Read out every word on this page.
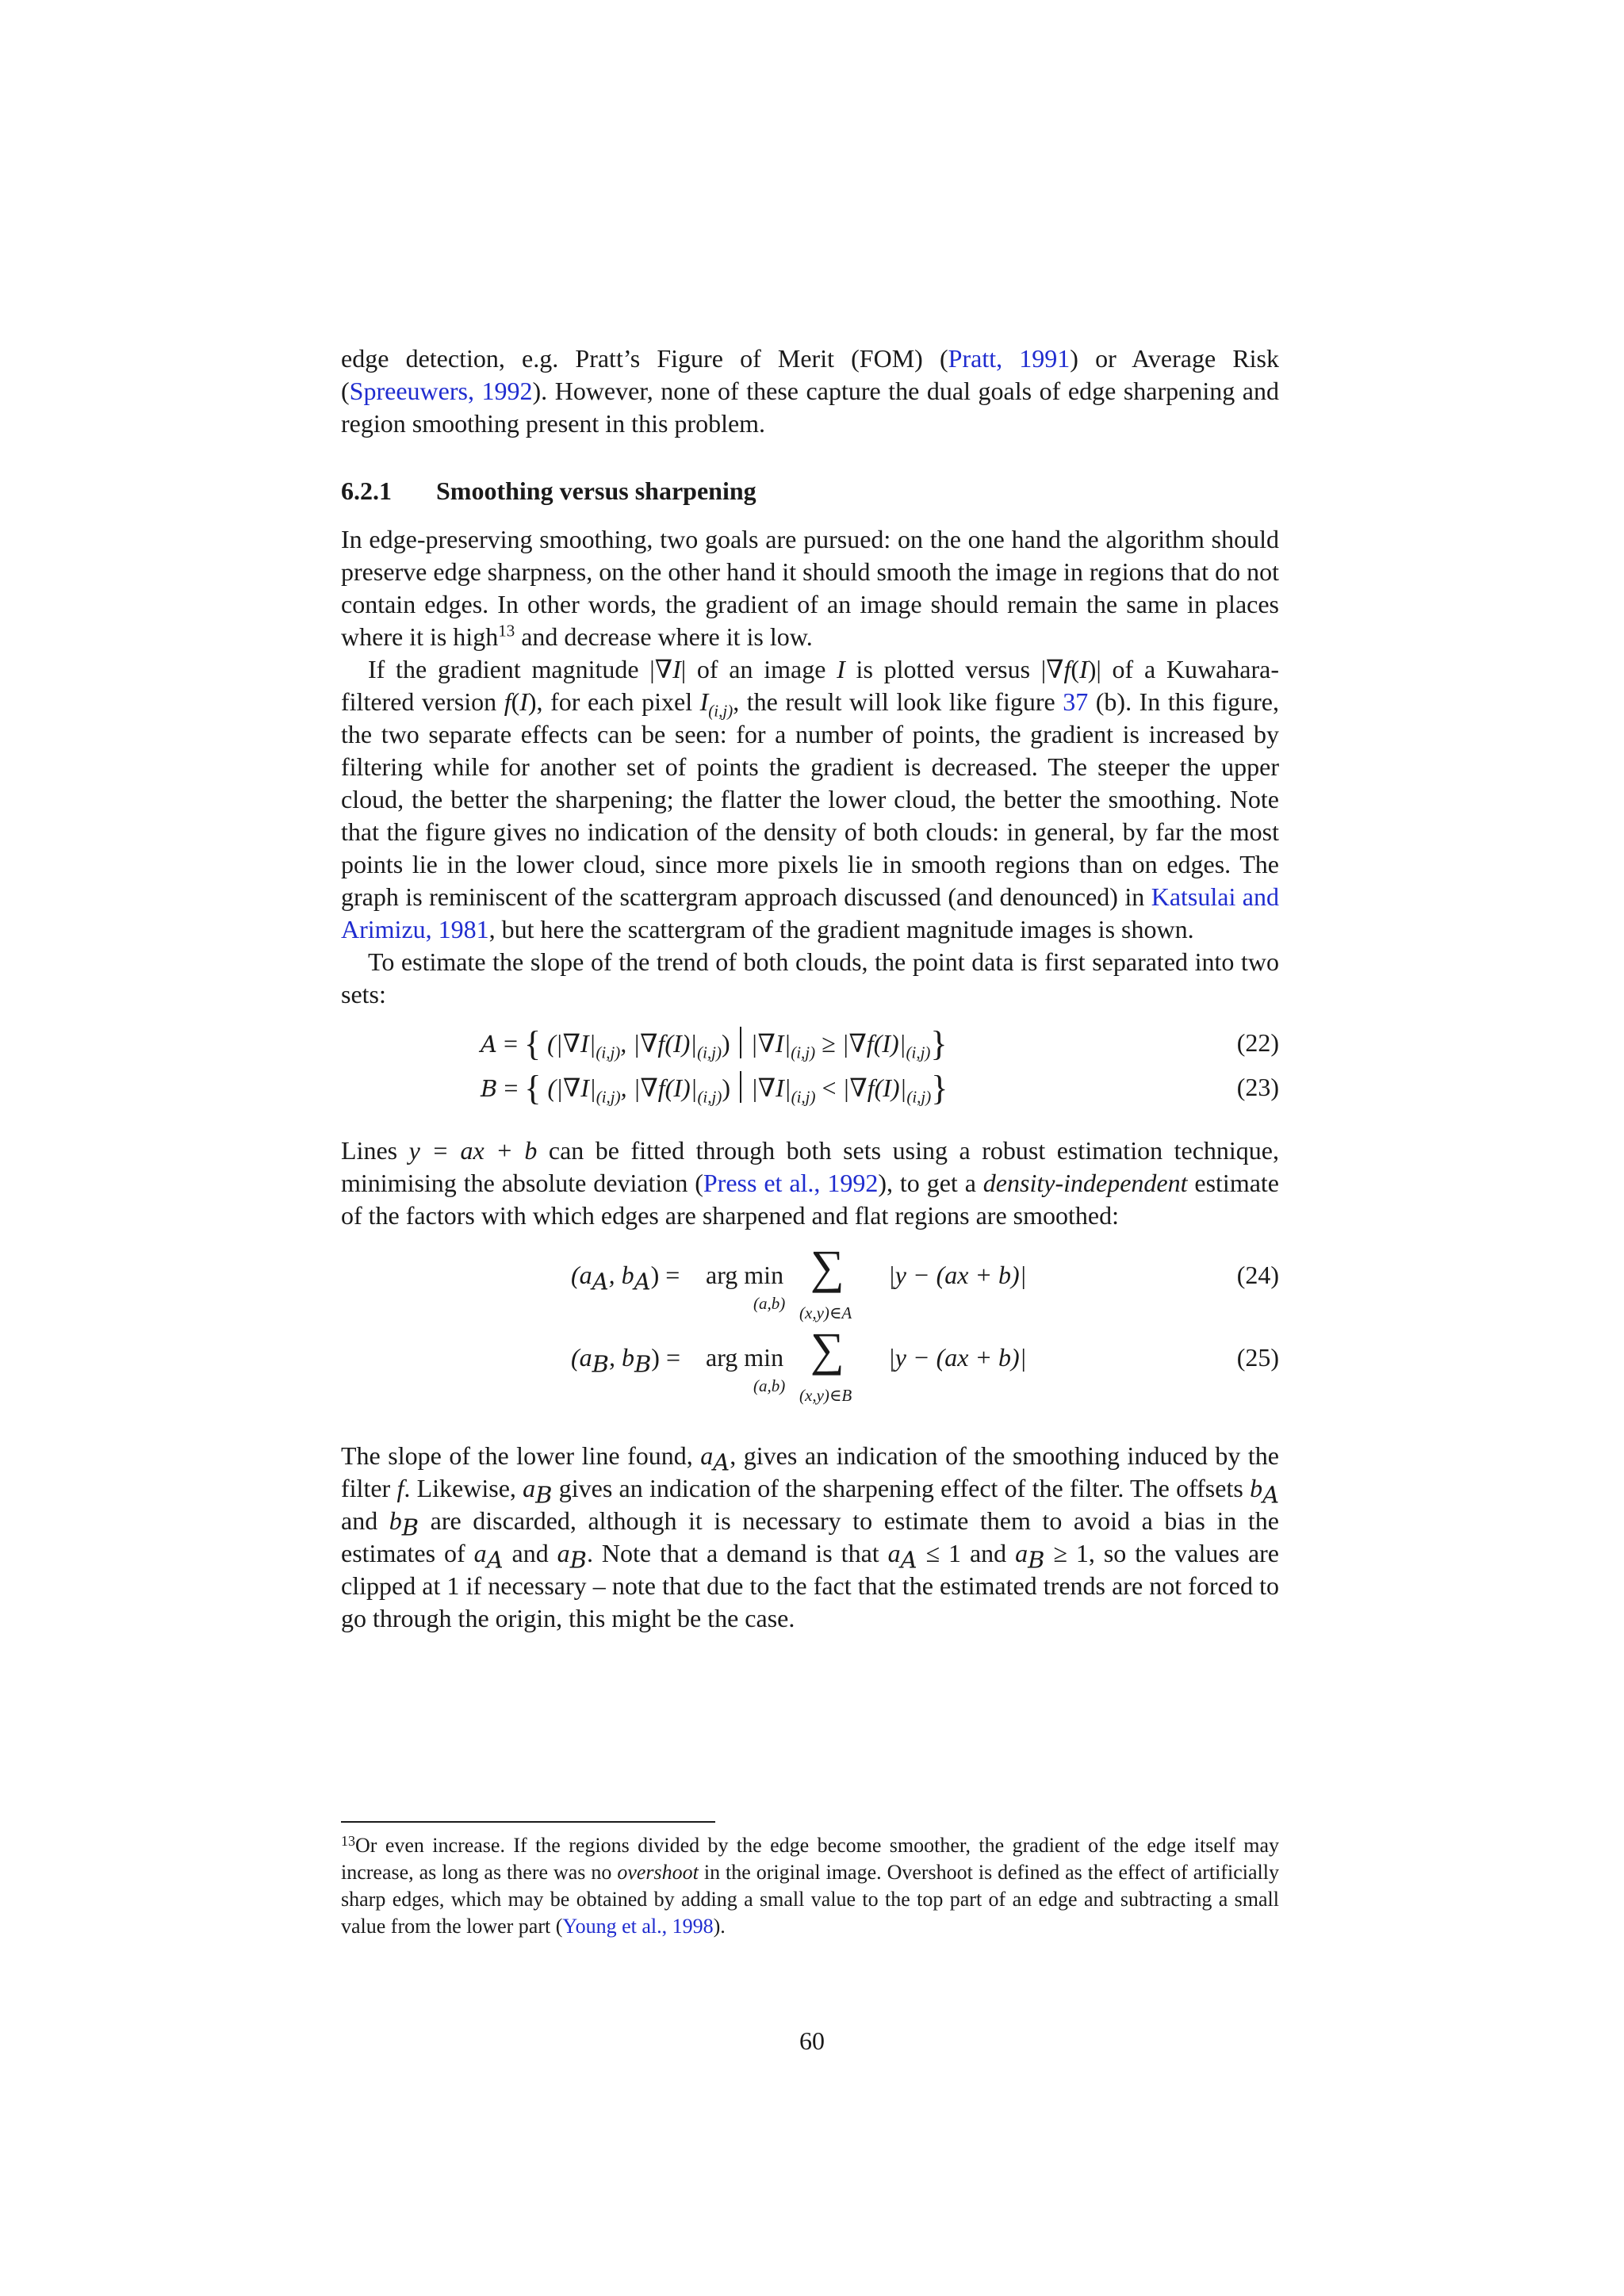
edge detection, e.g. Pratt’s Figure of Merit (FOM) (Pratt, 1991) or Average Risk (Spreeuwers, 1992). However, none of these capture the dual goals of edge sharpening and region smoothing present in this problem.

6.2.1 Smoothing versus sharpening

In edge-preserving smoothing, two goals are pursued: on the one hand the algorithm should preserve edge sharpness, on the other hand it should smooth the image in regions that do not contain edges. In other words, the gradient of an image should remain the same in places where it is high$^{13}$ and decrease where it is low.

If the gradient magnitude |∇I| of an image I is plotted versus |∇f(I)| of a Kuwahara-filtered version f(I), for each pixel $I_{(i,j)}$, the result will look like figure 37 (b). In this figure, the two separate effects can be seen: for a number of points, the gradient is increased by filtering while for another set of points the gradient is decreased. The steeper the upper cloud, the better the sharpening; the flatter the lower cloud, the better the smoothing. Note that the figure gives no indication of the density of both clouds: in general, by far the most points lie in the lower cloud, since more pixels lie in smooth regions than on edges. The graph is reminiscent of the scattergram approach discussed (and denounced) in Katsulai and Arimizu, 1981, but here the scattergram of the gradient magnitude images is shown.

To estimate the slope of the trend of both clouds, the point data is first separated into two sets:

A = { ($|\nabla I|_{(i,j)}$, $|\nabla f(I)|_{(i,j)}$) $|\nabla I|_{(i,j)} \ge |\nabla f(I)|_{(i,j)}$}	(22)
B = { ($|\nabla I|_{(i,j)}$, $|\nabla f(I)|_{(i,j)}$) $|\nabla I|_{(i,j)} < |\nabla f(I)|_{(i,j)}$}	(23)

Lines y = ax + b can be fitted through both sets using a robust estimation technique, minimising the absolute deviation (Press et al., 1992), to get a density-independent estimate of the factors with which edges are sharpened and flat regions are smoothed:

($a_A$, $b_A$) = arg min
(a,b)
∑
(x,y)∈A
|y − (ax + b)|	(24)
($a_B$, $b_B$) = arg min
(a,b)
∑
(x,y)∈B
|y − (ax + b)|	(25)

The slope of the lower line found, $a_A$, gives an indication of the smoothing induced by the filter f. Likewise, $a_B$ gives an indication of the sharpening effect of the filter. The offsets $b_A$ and $b_B$ are discarded, although it is necessary to estimate them to avoid a bias in the estimates of $a_A$ and $a_B$. Note that a demand is that $a_A \le 1$ and $a_B \ge 1$, so the values are clipped at 1 if necessary – note that due to the fact that the estimated trends are not forced to go through the origin, this might be the case.

$^{13}$Or even increase. If the regions divided by the edge become smoother, the gradient of the edge itself may increase, as long as there was no overshoot in the original image. Overshoot is defined as the effect of artificially sharp edges, which may be obtained by adding a small value to the top part of an edge and subtracting a small value from the lower part (Young et al., 1998).
60
